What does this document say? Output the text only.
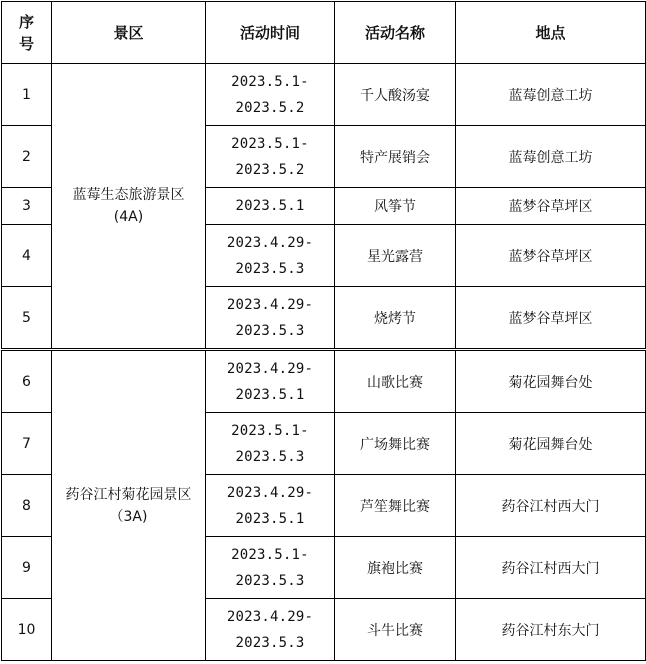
序号	景区	活动时间	活动名称	地点
1	蓝莓生态旅游景区(4A)	2023.5.1-2023.5.2	千人酸汤宴	蓝莓创意工坊
2		2023.5.1-2023.5.2	特产展销会	蓝莓创意工坊
3		2023.5.1	风筝节	蓝梦谷草坪区
4		2023.4.29-2023.5.3	星光露营	蓝梦谷草坪区
5		2023.4.29-2023.5.3	烧烤节	蓝梦谷草坪区
6	药谷江村菊花园景区（3A)	2023.4.29-2023.5.1	山歌比赛	菊花园舞台处
7		2023.5.1-2023.5.3	广场舞比赛	菊花园舞台处
8		2023.4.29-2023.5.1	芦笙舞比赛	药谷江村西大门
9		2023.5.1-2023.5.3	旗袍比赛	药谷江村西大门
10		2023.4.29-2023.5.3	斗牛比赛	药谷江村东大门
